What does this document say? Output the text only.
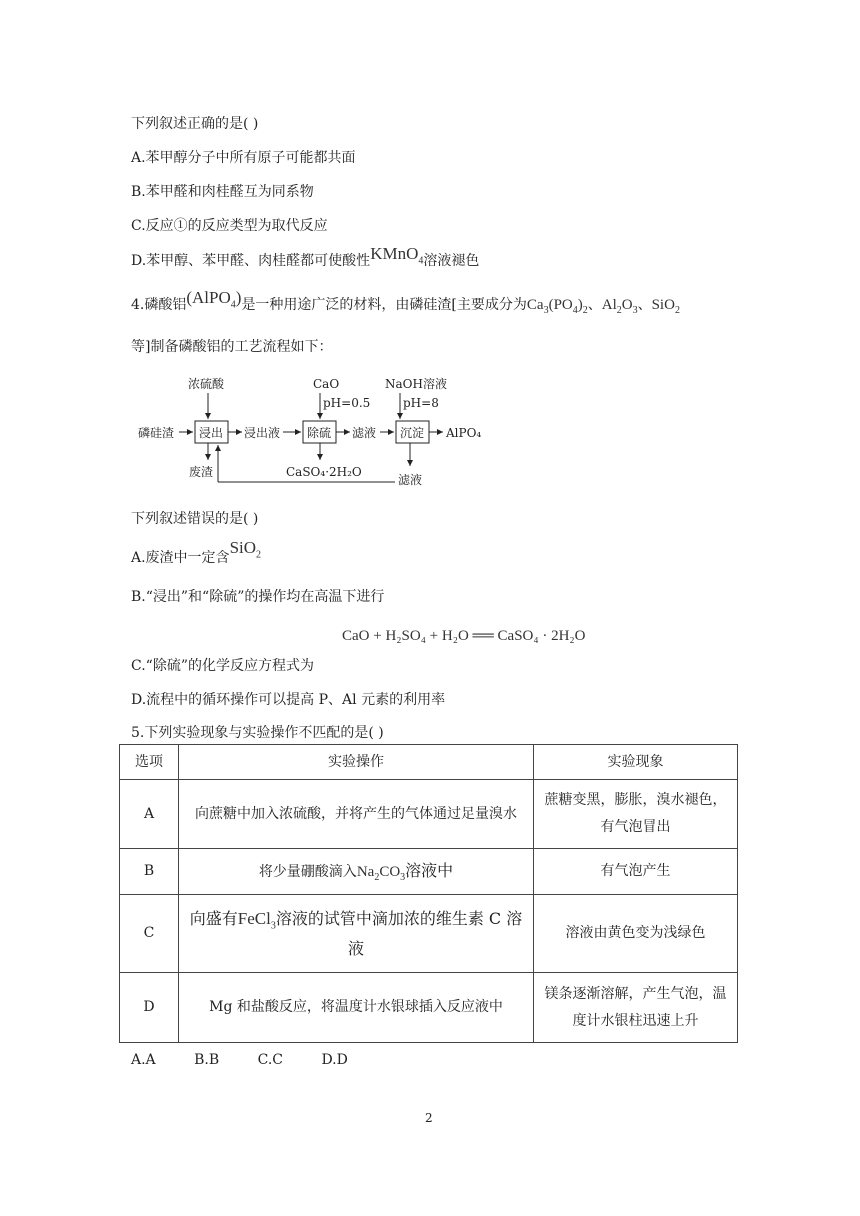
下列叙述正确的是( )
A.苯甲醇分子中所有原子可能都共面
B.苯甲醛和肉桂醛互为同系物
C.反应①的反应类型为取代反应
D.苯甲醇、苯甲醛、肉桂醛都可使酸性KMnO$_4$溶液褪色
4.磷酸铝(AlPO$_4$)是一种用途广泛的材料，由磷硅渣[主要成分为$Ca_3(PO_4)_2$、$Al_2O_3$、SiO$_2$
等]制备磷酸铝的工艺流程如下：
浓硫酸	CaO	NaOH溶液
pH=0.5	pH=8
磷硅渣 浸出 浸出液 除硫 滤液 沉淀 AlPO₄
废渣	CaSO₄·2H₂O
滤液
下列叙述错误的是( )
A.废渣中一定含SiO$_2$
B.“浸出”和“除硫”的操作均在高温下进行
CaO + H₂SO₄ + H₂O ══ CaSO₄ · 2H₂O
C.“除硫”的化学反应方程式为
D.流程中的循环操作可以提高 P、Al 元素的利用率
5.下列实验现象与实验操作不匹配的是( )
选项	实验操作	实验现象
A	向蔗糖中加入浓硫酸，并将产生的气体通过足量溴水	蔗糖变黑，膨胀，溴水褪色，有气泡冒出
B	将少量硼酸滴入$Na_2CO_3$溶液中	有气泡产生
C	向盛有FeCl$_3$溶液的试管中滴加浓的维生素 C 溶液	溶液由黄色变为浅绿色
D	Mg 和盐酸反应，将温度计水银球插入反应液中	镁条逐渐溶解，产生气泡，温度计水银柱迅速上升
A.A	B.B	C.C	D.D
2
